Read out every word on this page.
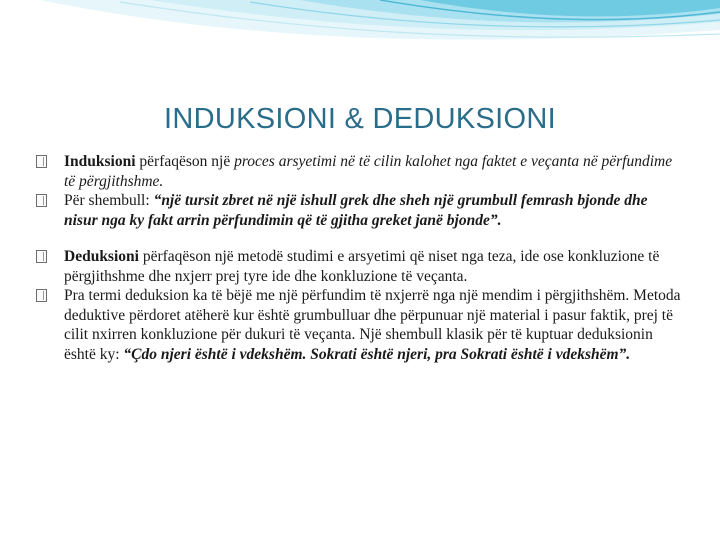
INDUKSIONI & DEDUKSIONI

Induksioni përfaqëson një proces arsyetimi në të cilin kalohet nga faktet e veçanta në përfundime të përgjithshme.

Për shembull: “një tursit zbret në një ishull grek dhe sheh një grumbull femrash bjonde dhe nisur nga ky fakt arrin përfundimin që të gjitha greket janë bjonde”.

Deduksioni përfaqëson një metodë studimi e arsyetimi që niset nga teza, ide ose konkluzione të përgjithshme dhe nxjerr prej tyre ide dhe konkluzione të veçanta.

Pra termi deduksion ka të bëjë me një përfundim të nxjerrë nga një mendim i përgjithshëm. Metoda deduktive përdoret atëherë kur është grumbulluar dhe përpunuar një material i pasur faktik, prej të cilit nxirren konkluzione për dukuri të veçanta. Një shembull klasik për të kuptuar deduksionin është ky: “Çdo njeri është i vdekshëm. Sokrati është njeri, pra Sokrati është i vdekshëm”.
